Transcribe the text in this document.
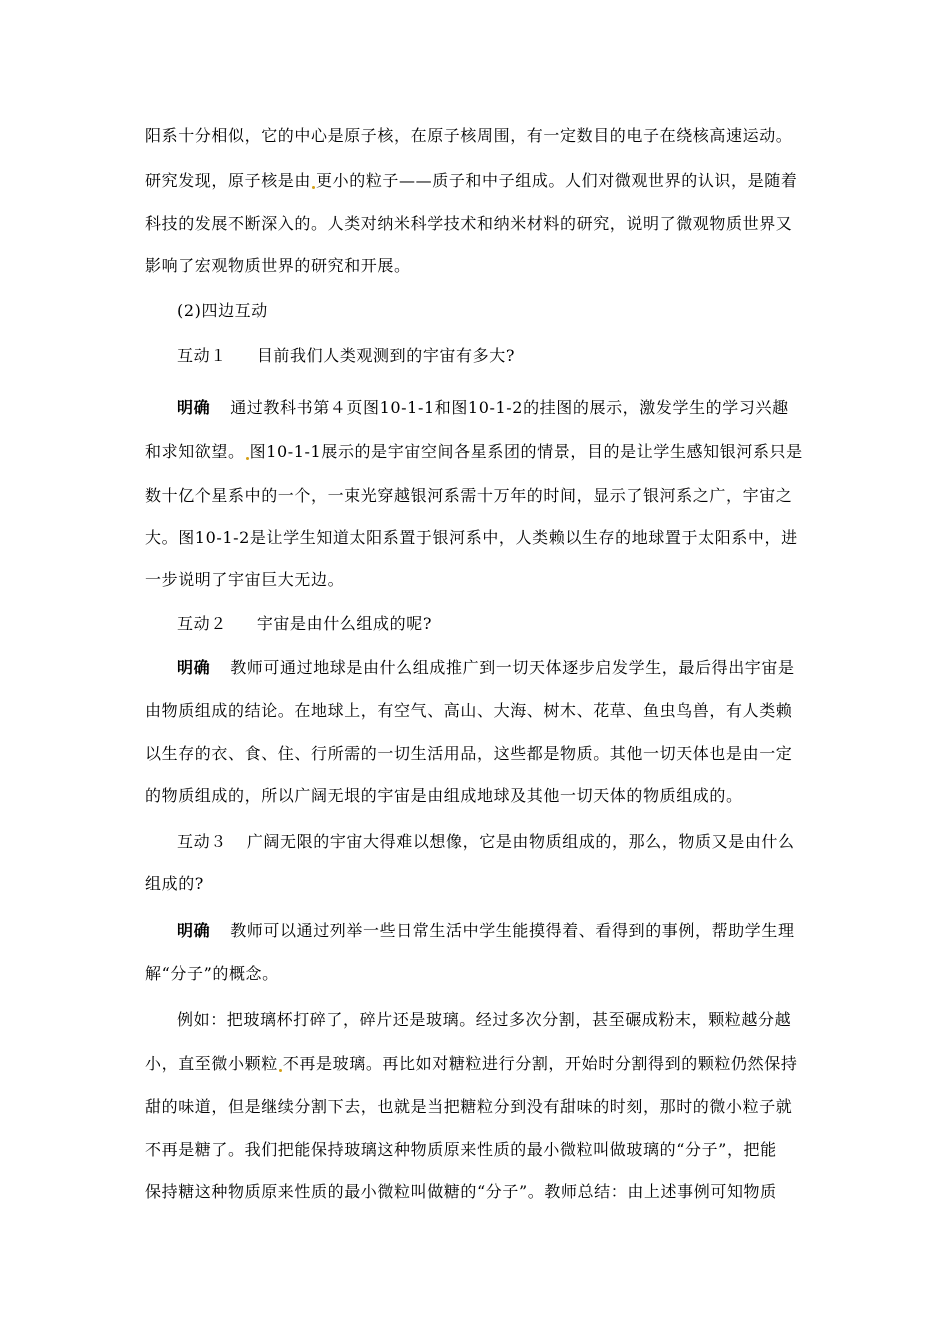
阳系十分相似，它的中心是原子核，在原子核周围，有一定数目的电子在绕核高速运动。
研究发现，原子核是由 更小的粒子——质子和中子组成。人们对微观世界的认识，是随着
科技的发展不断深入的。人类对纳米科学技术和纳米材料的研究，说明了微观物质世界又
影响了宏观物质世界的研究和开展。
(2)四边互动
互动１ 目前我们人类观测到的宇宙有多大?
明确 通过教科书第４页图10-1-1和图10-1-2的挂图的展示，激发学生的学习兴趣
和求知欲望。 图10-1-1展示的是宇宙空间各星系团的情景，目的是让学生感知银河系只是
数十亿个星系中的一个，一束光穿越银河系需十万年的时间，显示了银河系之广，宇宙之
大。图10-1-2是让学生知道太阳系置于银河系中，人类赖以生存的地球置于太阳系中，进
一步说明了宇宙巨大无边。
互动２ 宇宙是由什么组成的呢?
明确 教师可通过地球是由什么组成推广到一切天体逐步启发学生，最后得出宇宙是
由物质组成的结论。在地球上，有空气、高山、大海、树木、花草、鱼虫鸟兽，有人类赖
以生存的衣、食、住、行所需的一切生活用品，这些都是物质。其他一切天体也是由一定
的物质组成的，所以广阔无垠的宇宙是由组成地球及其他一切天体的物质组成的。
互动３ 广阔无限的宇宙大得难以想像，它是由物质组成的，那么，物质又是由什么
组成的?
明确 教师可以通过列举一些日常生活中学生能摸得着、看得到的事例，帮助学生理
解“分子”的概念。
例如：把玻璃杯打碎了，碎片还是玻璃。经过多次分割，甚至碾成粉末，颗粒越分越
小，直至微小颗粒 不再是玻璃。再比如对糖粒进行分割，开始时分割得到的颗粒仍然保持
甜的味道，但是继续分割下去，也就是当把糖粒分到没有甜味的时刻，那时的微小粒子就
不再是糖了。我们把能保持玻璃这种物质原来性质的最小微粒叫做玻璃的“分子”，把能
保持糖这种物质原来性质的最小微粒叫做糖的“分子”。教师总结：由上述事例可知物质
